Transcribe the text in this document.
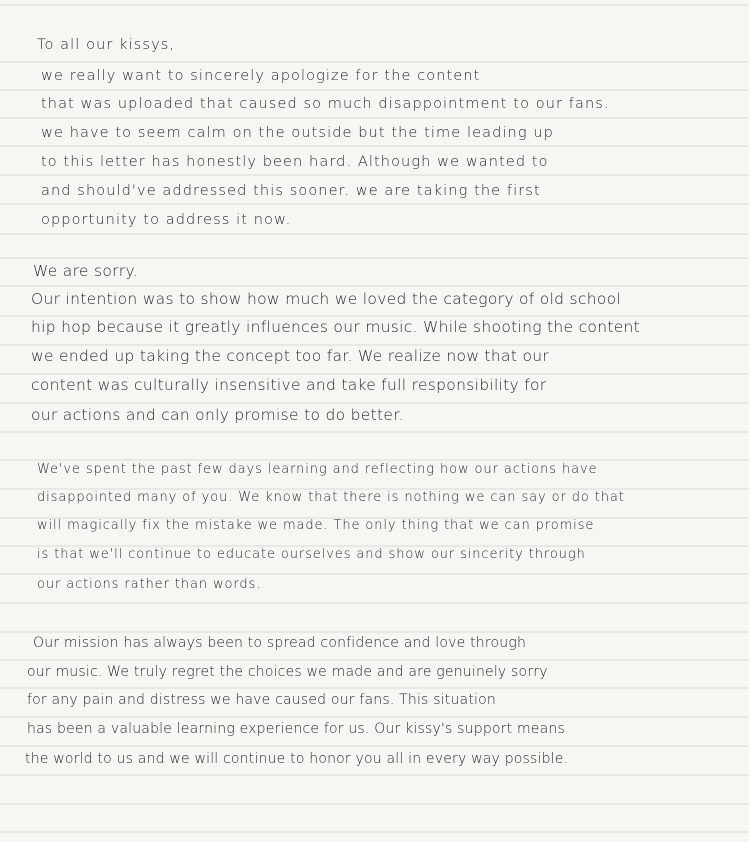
To all our kissys,
we really want to sincerely apologize for the content
that was uploaded that caused so much disappointment to our fans.
we have to seem calm on the outside but the time leading up
to this letter has honestly been hard. Although we wanted to
and should've addressed this sooner. we are taking the first
opportunity to address it now.
We are sorry.
Our intention was to show how much we loved the category of old school
hip hop because it greatly influences our music. While shooting the content
we ended up taking the concept too far. We realize now that our
content was culturally insensitive and take full responsibility for
our actions and can only promise to do better.
We've spent the past few days learning and reflecting how our actions have
disappointed many of you. We know that there is nothing we can say or do that
will magically fix the mistake we made. The only thing that we can promise
is that we'll continue to educate ourselves and show our sincerity through
our actions rather than words.
Our mission has always been to spread confidence and love through
our music. We truly regret the choices we made and are genuinely sorry
for any pain and distress we have caused our fans. This situation
has been a valuable learning experience for us. Our kissy's support means
the world to us and we will continue to honor you all in every way possible.
